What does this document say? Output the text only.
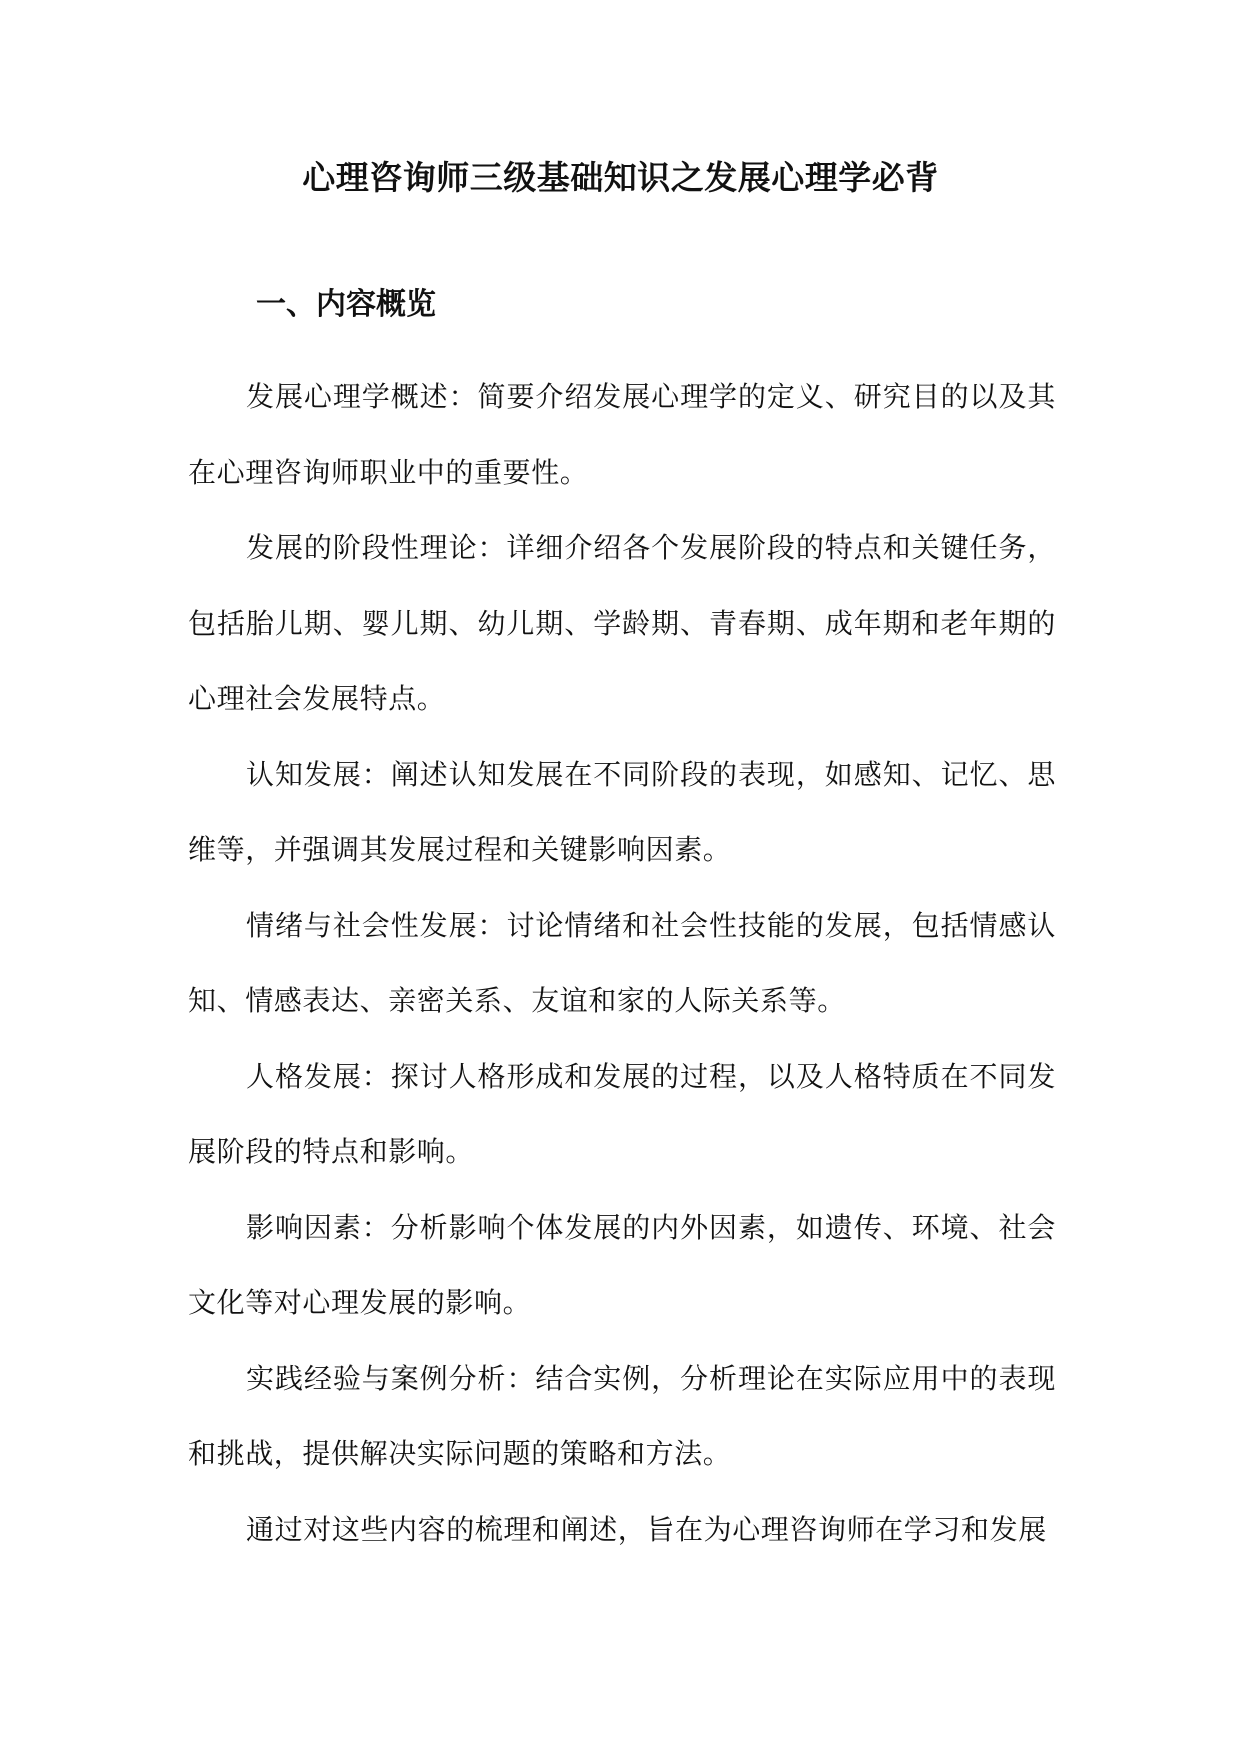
心理咨询师三级基础知识之发展心理学必背
一、内容概览

发展心理学概述：简要介绍发展心理学的定义、研究目的以及其在心理咨询师职业中的重要性。

发展的阶段性理论：详细介绍各个发展阶段的特点和关键任务，包括胎儿期、婴儿期、幼儿期、学龄期、青春期、成年期和老年期的心理社会发展特点。

认知发展：阐述认知发展在不同阶段的表现，如感知、记忆、思维等，并强调其发展过程和关键影响因素。

情绪与社会性发展：讨论情绪和社会性技能的发展，包括情感认知、情感表达、亲密关系、友谊和家的人际关系等。

人格发展：探讨人格形成和发展的过程，以及人格特质在不同发展阶段的特点和影响。

影响因素：分析影响个体发展的内外因素，如遗传、环境、社会文化等对心理发展的影响。

实践经验与案例分析：结合实例，分析理论在实际应用中的表现和挑战，提供解决实际问题的策略和方法。

通过对这些内容的梳理和阐述，旨在为心理咨询师在学习和发展
